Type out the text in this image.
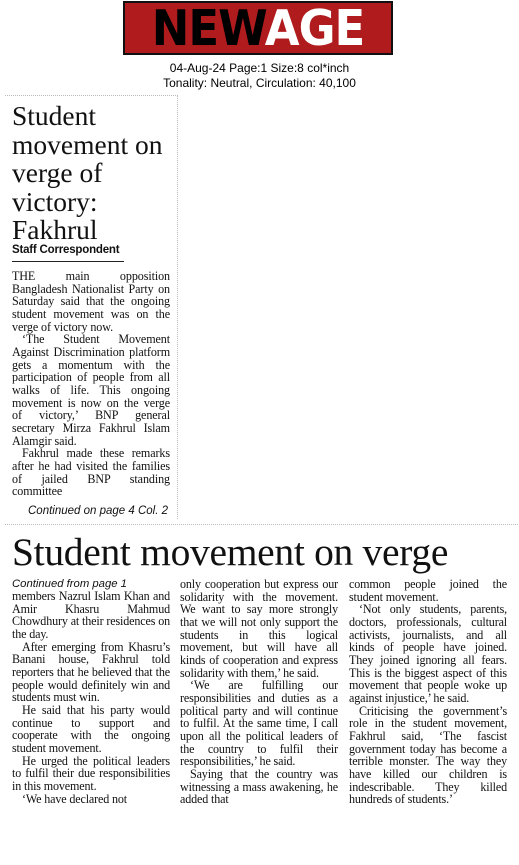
NEWAGE
04-Aug-24 Page:1 Size:8 col*inch
Tonality: Neutral, Circulation: 40,100
Student movement on verge of victory: Fakhrul
Staff Correspondent

THE main opposition Bangladesh Nationalist Party on Saturday said that the ongoing student movement was on the verge of victory now.

‘The Student Movement Against Discrimination platform gets a momentum with the participation of people from all walks of life. This ongoing movement is now on the verge of victory,’ BNP general secretary Mirza Fakhrul Islam Alamgir said.

Fakhrul made these remarks after he had visited the families of jailed BNP standing committee

Continued on page 4 Col. 2
Student movement on verge
Continued from page 1

members Nazrul Islam Khan and Amir Khasru Mahmud Chowdhury at their residences on the day.

After emerging from Khasru’s Banani house, Fakhrul told reporters that he believed that the people would definitely win and students must win.

He said that his party would continue to support and cooperate with the ongoing student movement.

He urged the political leaders to fulfil their due responsibilities in this movement.

‘We have declared not

only cooperation but express our solidarity with the movement. We want to say more strongly that we will not only support the students in this logical movement, but will have all kinds of cooperation and express solidarity with them,’ he said.

‘We are fulfilling our responsibilities and duties as a political party and will continue to fulfil. At the same time, I call upon all the political leaders of the country to fulfil their responsibilities,’ he said.

Saying that the country was witnessing a mass awakening, he added that

common people joined the student movement.

‘Not only students, parents, doctors, professionals, cultural activists, journalists, and all kinds of people have joined. They joined ignoring all fears. This is the biggest aspect of this movement that people woke up against injustice,’ he said.

Criticising the government’s role in the student movement, Fakhrul said, ‘The fascist government today has become a terrible monster. The way they have killed our children is indescribable. They killed hundreds of students.’
